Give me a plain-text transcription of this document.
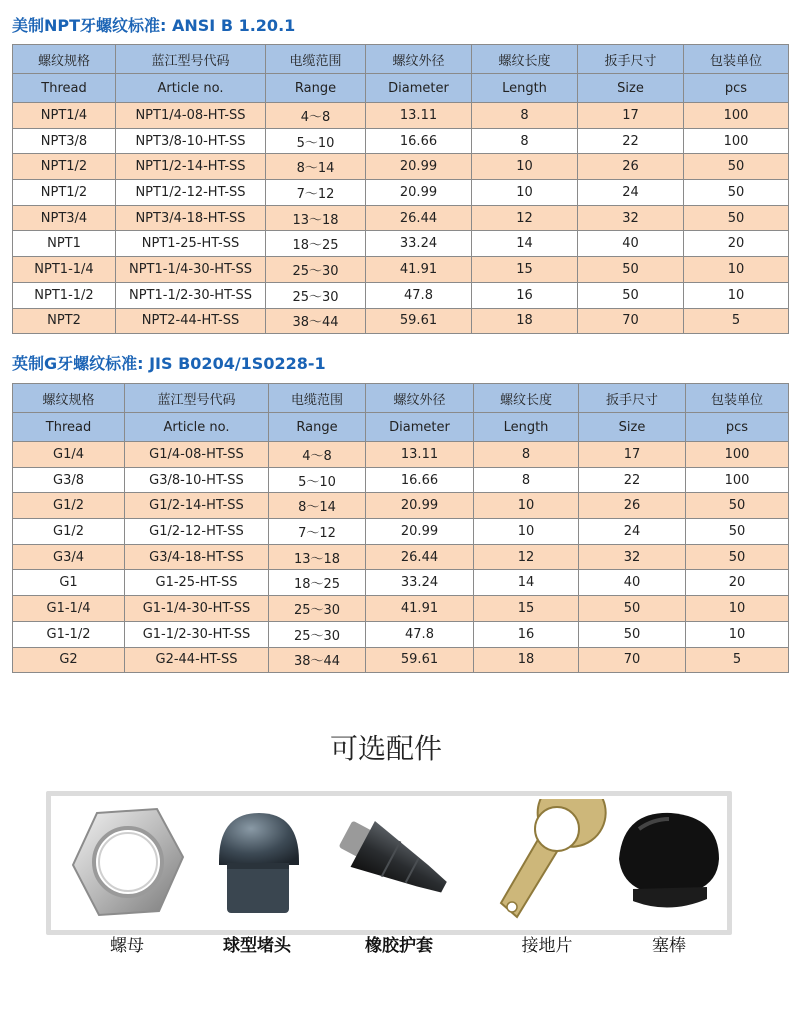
美制NPT牙螺纹标准: ANSI B 1.20.1
螺纹规格	蓝江型号代码	电缆范围	螺纹外径	螺纹长度	扳手尺寸	包装单位
Thread	Article no.	Range	Diameter	Length	Size	pcs
NPT1/4	NPT1/4-08-HT-SS	4～8	13.11	8	17	100
NPT3/8	NPT3/8-10-HT-SS	5～10	16.66	8	22	100
NPT1/2	NPT1/2-14-HT-SS	8～14	20.99	10	26	50
NPT1/2	NPT1/2-12-HT-SS	7～12	20.99	10	24	50
NPT3/4	NPT3/4-18-HT-SS	13～18	26.44	12	32	50
NPT1	NPT1-25-HT-SS	18～25	33.24	14	40	20
NPT1-1/4	NPT1-1/4-30-HT-SS	25～30	41.91	15	50	10
NPT1-1/2	NPT1-1/2-30-HT-SS	25～30	47.8	16	50	10
NPT2	NPT2-44-HT-SS	38～44	59.61	18	70	5
英制G牙螺纹标准: JIS B0204/1S0228-1
螺纹规格	蓝江型号代码	电缆范围	螺纹外径	螺纹长度	扳手尺寸	包装单位
Thread	Article no.	Range	Diameter	Length	Size	pcs
G1/4	G1/4-08-HT-SS	4～8	13.11	8	17	100
G3/8	G3/8-10-HT-SS	5～10	16.66	8	22	100
G1/2	G1/2-14-HT-SS	8～14	20.99	10	26	50
G1/2	G1/2-12-HT-SS	7～12	20.99	10	24	50
G3/4	G3/4-18-HT-SS	13～18	26.44	12	32	50
G1	G1-25-HT-SS	18～25	33.24	14	40	20
G1-1/4	G1-1/4-30-HT-SS	25～30	41.91	15	50	10
G1-1/2	G1-1/2-30-HT-SS	25～30	47.8	16	50	10
G2	G2-44-HT-SS	38～44	59.61	18	70	5
可选配件
螺母	球型堵头	橡胶护套	接地片	塞棒
